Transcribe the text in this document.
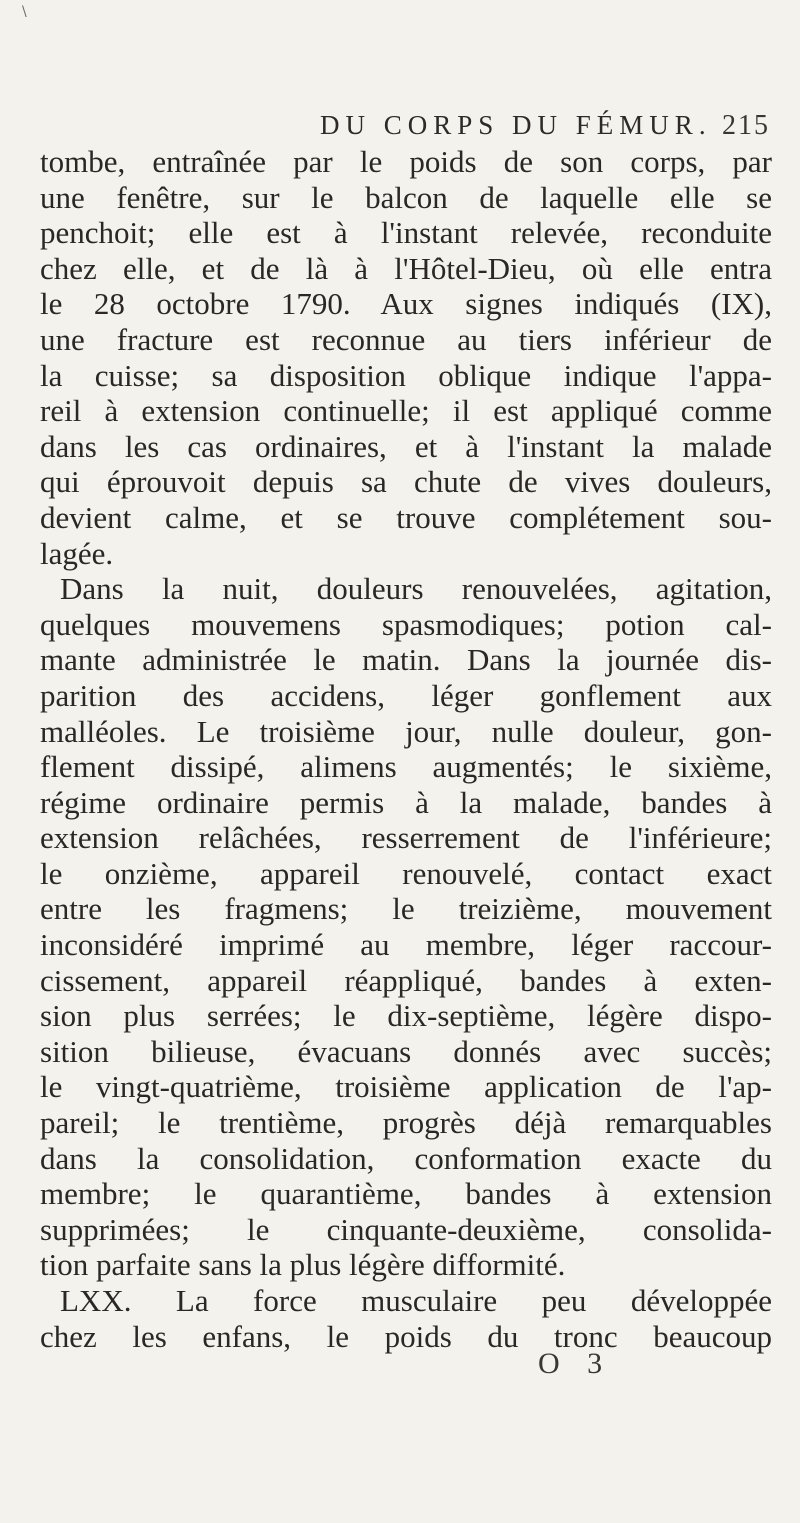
\
DU CORPS DU FÉMUR. 215
tombe, entraînée par le poids de son corps, par
une fenêtre, sur le balcon de laquelle elle se
penchoit; elle est à l'instant relevée, reconduite
chez elle, et de là à l'Hôtel-Dieu, où elle entra
le 28 octobre 1790. Aux signes indiqués (IX),
une fracture est reconnue au tiers inférieur de
la cuisse; sa disposition oblique indique l'appa-
reil à extension continuelle; il est appliqué comme
dans les cas ordinaires, et à l'instant la malade
qui éprouvoit depuis sa chute de vives douleurs,
devient calme, et se trouve complétement sou-
lagée.
Dans la nuit, douleurs renouvelées, agitation,
quelques mouvemens spasmodiques; potion cal-
mante administrée le matin. Dans la journée dis-
parition des accidens, léger gonflement aux
malléoles. Le troisième jour, nulle douleur, gon-
flement dissipé, alimens augmentés; le sixième,
régime ordinaire permis à la malade, bandes à
extension relâchées, resserrement de l'inférieure;
le onzième, appareil renouvelé, contact exact
entre les fragmens; le treizième, mouvement
inconsidéré imprimé au membre, léger raccour-
cissement, appareil réappliqué, bandes à exten-
sion plus serrées; le dix-septième, légère dispo-
sition bilieuse, évacuans donnés avec succès;
le vingt-quatrième, troisième application de l'ap-
pareil; le trentième, progrès déjà remarquables
dans la consolidation, conformation exacte du
membre; le quarantième, bandes à extension
supprimées; le cinquante-deuxième, consolida-
tion parfaite sans la plus légère difformité.
LXX. La force musculaire peu développée
chez les enfans, le poids du tronc beaucoup
O 3
